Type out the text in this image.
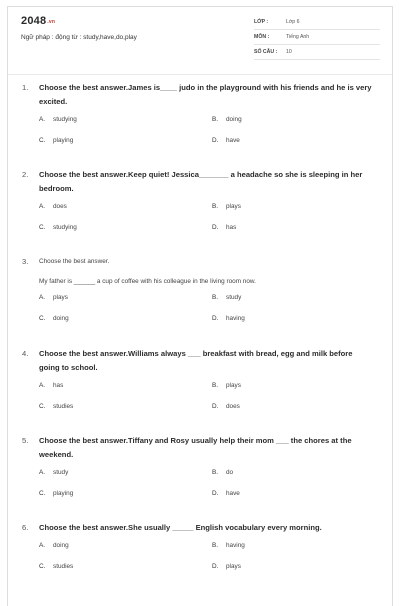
2048.vn
Ngữ pháp : động từ : study,have,do,play
LỚP :	Lớp 6
MÔN :	Tiếng Anh
SỐ CÂU :	10
1.	Choose the best answer.James is____ judo in the playground with his friends and he is very excited.
A.	studying	B.	doing
C.	playing	D.	have
2.	Choose the best answer.Keep quiet! Jessica_______ a headache so she is sleeping in her bedroom.
A.	does	B.	plays
C.	studying	D.	has
3.	Choose the best answer.
My father is ______ a cup of coffee with his colleague in the living room now.
A.	plays	B.	study
C.	doing	D.	having
4.	Choose the best answer.Williams always ___ breakfast with bread, egg and milk before going to school.
A.	has	B.	plays
C.	studies	D.	does
5.	Choose the best answer.Tiffany and Rosy usually help their mom ___ the chores at the weekend.
A.	study	B.	do
C.	playing	D.	have
6.	Choose the best answer.She usually _____ English vocabulary every morning.
A.	doing	B.	having
C.	studies	D.	plays
